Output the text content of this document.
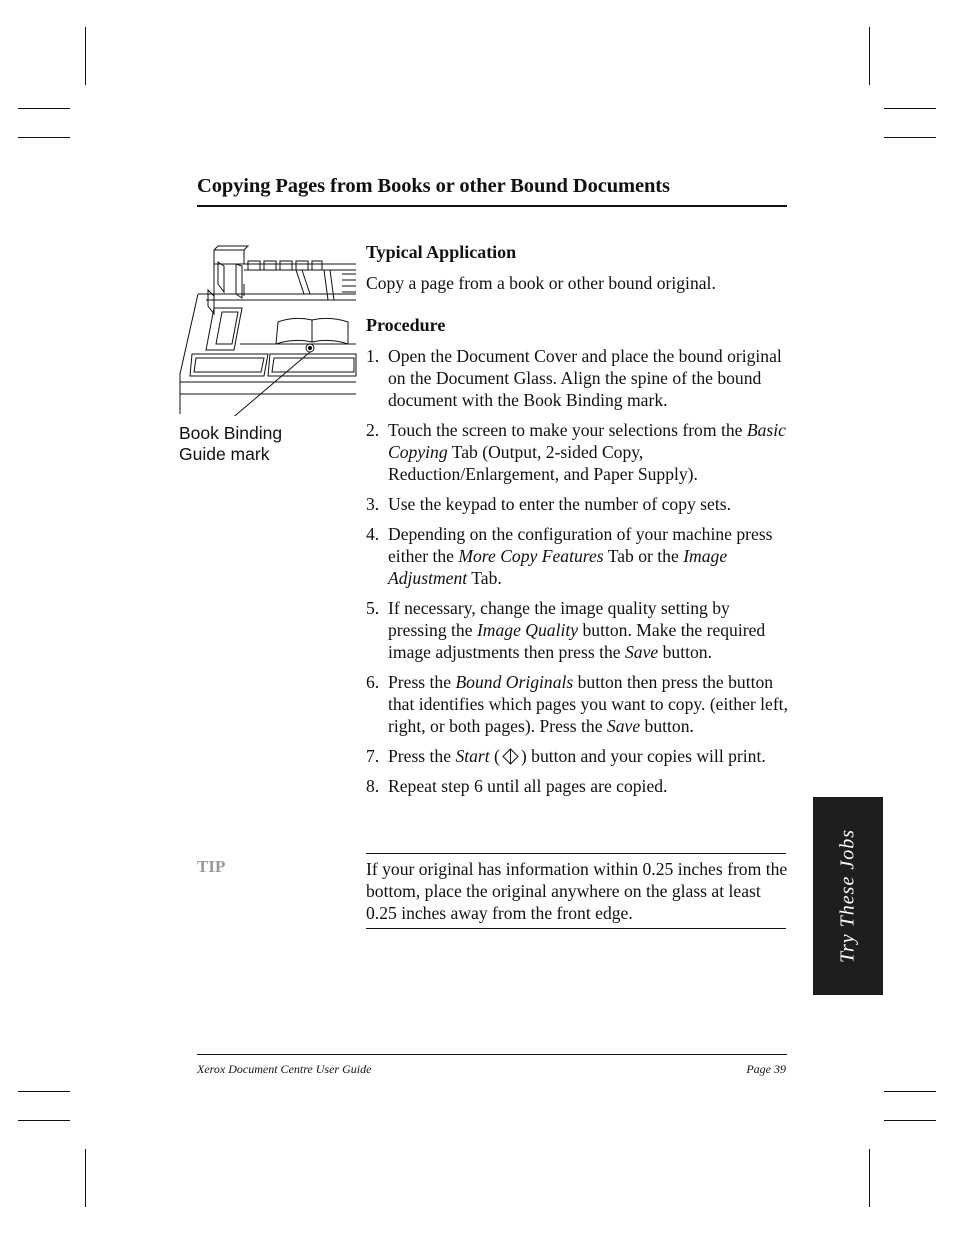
Copying Pages from Books or other Bound Documents
Book Binding
Guide mark
Typical Application
Copy a page from a book or other bound original.
Procedure
1. Open the Document Cover and place the bound original on the Document Glass. Align the spine of the bound document with the Book Binding mark.
2. Touch the screen to make your selections from the Basic Copying Tab (Output, 2-sided Copy, Reduction/Enlargement, and Paper Supply).
3. Use the keypad to enter the number of copy sets.
4. Depending on the configuration of your machine press either the More Copy Features Tab or the Image Adjustment Tab.
5. If necessary, change the image quality setting by pressing the Image Quality button. Make the required image adjustments then press the Save button.
6. Press the Bound Originals button then press the button that identifies which pages you want to copy. (either left, right, or both pages). Press the Save button.
7. Press the Start ( ) button and your copies will print.
8. Repeat step 6 until all pages are copied.
TIP	If your original has information within 0.25 inches from the bottom, place the original anywhere on the glass at least 0.25 inches away from the front edge.	Try These Jobs
Xerox Document Centre User Guide	Page 39
